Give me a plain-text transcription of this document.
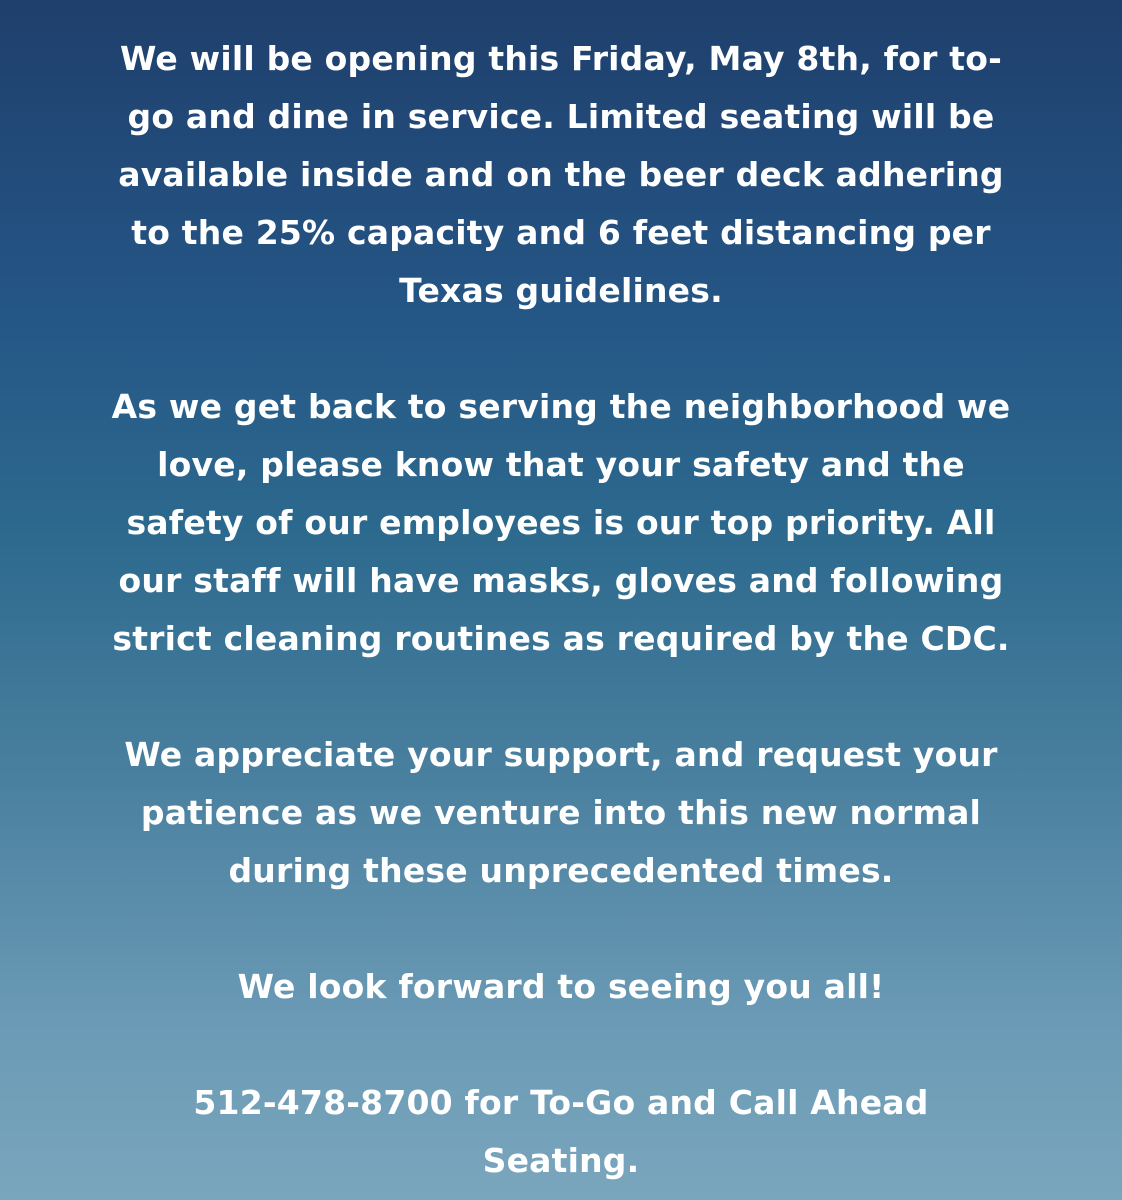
We will be opening this Friday, May 8th, for to-
go and dine in service. Limited seating will be
available inside and on the beer deck adhering
to the 25% capacity and 6 feet distancing per
Texas guidelines.
As we get back to serving the neighborhood we
love, please know that your safety and the
safety of our employees is our top priority. All
our staff will have masks, gloves and following
strict cleaning routines as required by the CDC.
We appreciate your support, and request your
patience as we venture into this new normal
during these unprecedented times.
We look forward to seeing you all!
512-478-8700 for To-Go and Call Ahead
Seating.
